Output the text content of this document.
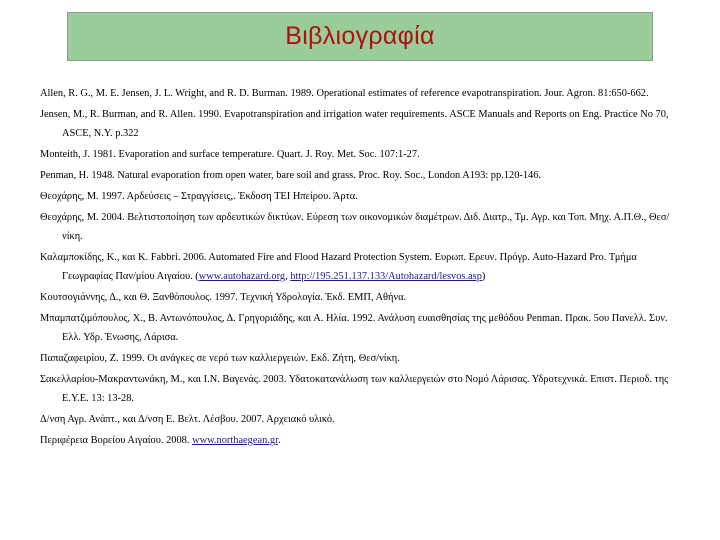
Βιβλιογραφία

Allen, R. G., M. E. Jensen, J. L. Wright, and R. D. Burman. 1989. Operational estimates of reference evapotranspiration. Jour. Agron. 81:650-662.

Jensen, M., R. Burman, and R. Allen. 1990. Evapotranspiration and irrigation water requirements. ASCE Manuals and Reports on Eng. Practice No 70, ASCE, N.Y. p.322

Monteith, J. 1981. Evaporation and surface temperature. Quart. J. Roy. Met. Soc. 107:1-27.

Penman, H. 1948. Natural evaporation from open water, bare soil and grass. Proc. Roy. Soc., London A193: pp.120-146.

Θεοχάρης, Μ. 1997. Αρδεύσεις – Στραγγίσεις,. Έκδοση ΤΕΙ Ηπείρου. Άρτα.

Θεοχάρης, Μ. 2004. Βελτιστοποίηση των αρδευτικών δικτύων. Εύρεση των οικονομικών διαμέτρων. Διδ. Διατρ., Τμ. Αγρ. και Τοπ. Μηχ. Α.Π.Θ., Θεσ/νίκη.

Καλαμποκίδης, Κ., και K. Fabbri. 2006. Automated Fire and Flood Hazard Protection System. Ευρωπ. Ερευν. Πρόγρ. Auto-Hazard Pro. Τμήμα Γεωγραφίας Παν/μίου Αιγαίου. (www.autohazard.org, http://195.251.137.133/Autohazard/lesvos.asp)

Κουτσογιάννης, Δ., και Θ. Ξανθόπουλος. 1997. Τεχνική Υδρολογία. Έκδ. ΕΜΠ, Αθήνα.

Μπαμπατζιμόπουλος, Χ., Β. Αντωνόπουλος, Δ. Γρηγοριάδης, και Α. Ηλία. 1992. Ανάλυση ευαισθησίας της μεθόδου Penman. Πρακ. 5ου Πανελλ. Συν. Ελλ. Υδρ. Ένωσης, Λάρισα.

Παπαζαφειρίου, Ζ. 1999. Οι ανάγκες σε νερό των καλλιεργειών. Εκδ. Ζήτη, Θεσ/νίκη.

Σακελλαρίου-Μακραντωνάκη, Μ., και Ι.Ν. Βαγενάς. 2003. Υδατοκατανάλωση των καλλιεργειών στο Νομό Λάρισας. Υδροτεχνικά. Επιστ. Περιοδ. της Ε.Υ.Ε. 13: 13-28.

Δ/νση Αγρ. Ανάπτ., και Δ/νση Ε. Βελτ. Λέσβου. 2007. Αρχειακό υλικό.

Περιφέρεια Βορείου Αιγαίου. 2008. www.northaegean.gr.
